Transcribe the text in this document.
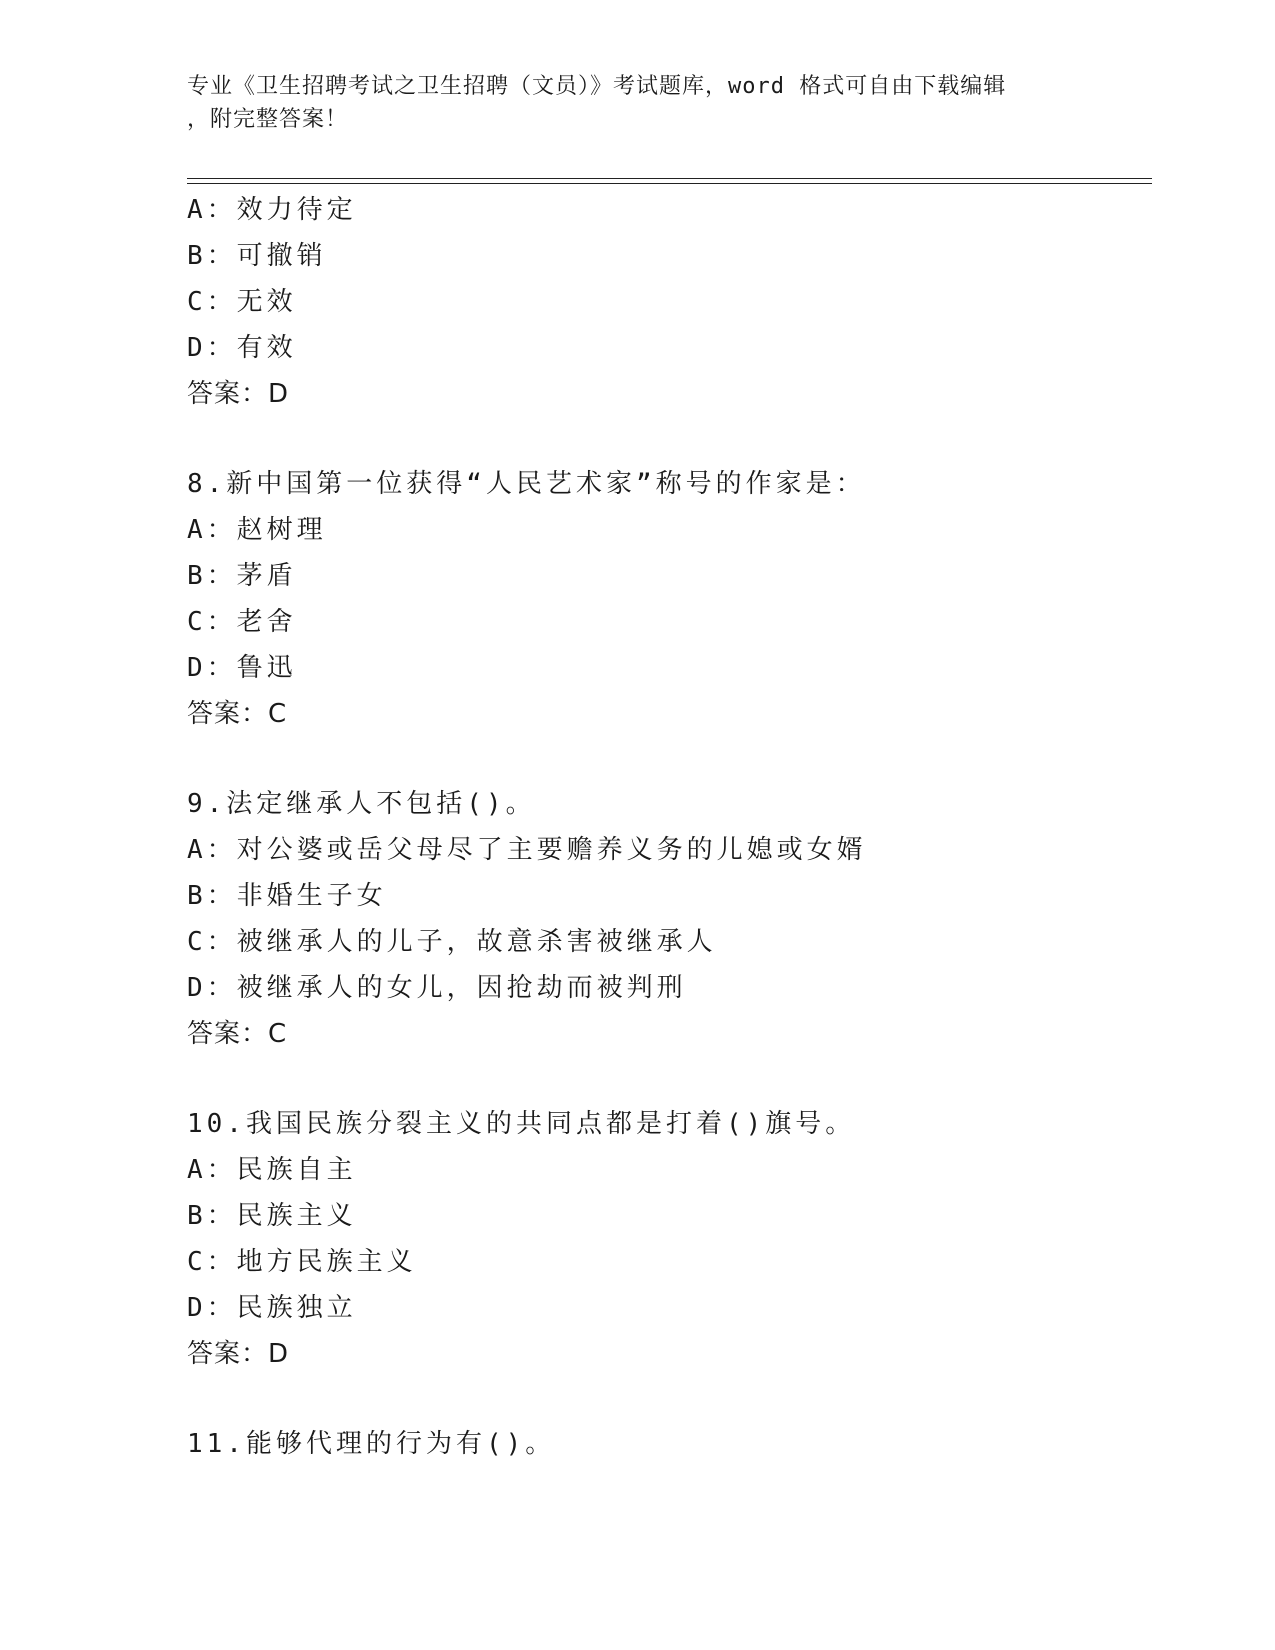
专业《卫生招聘考试之卫生招聘（文员）》考试题库，word 格式可自由下载编辑
，附完整答案！
A：效力待定
B：可撤销
C：无效
D：有效
答案：D
8.新中国第一位获得“人民艺术家”称号的作家是：
A：赵树理
B：茅盾
C：老舍
D：鲁迅
答案：C
9.法定继承人不包括()。
A：对公婆或岳父母尽了主要赡养义务的儿媳或女婿
B：非婚生子女
C：被继承人的儿子，故意杀害被继承人
D：被继承人的女儿，因抢劫而被判刑
答案：C
10.我国民族分裂主义的共同点都是打着()旗号。
A：民族自主
B：民族主义
C：地方民族主义
D：民族独立
答案：D
11.能够代理的行为有()。
